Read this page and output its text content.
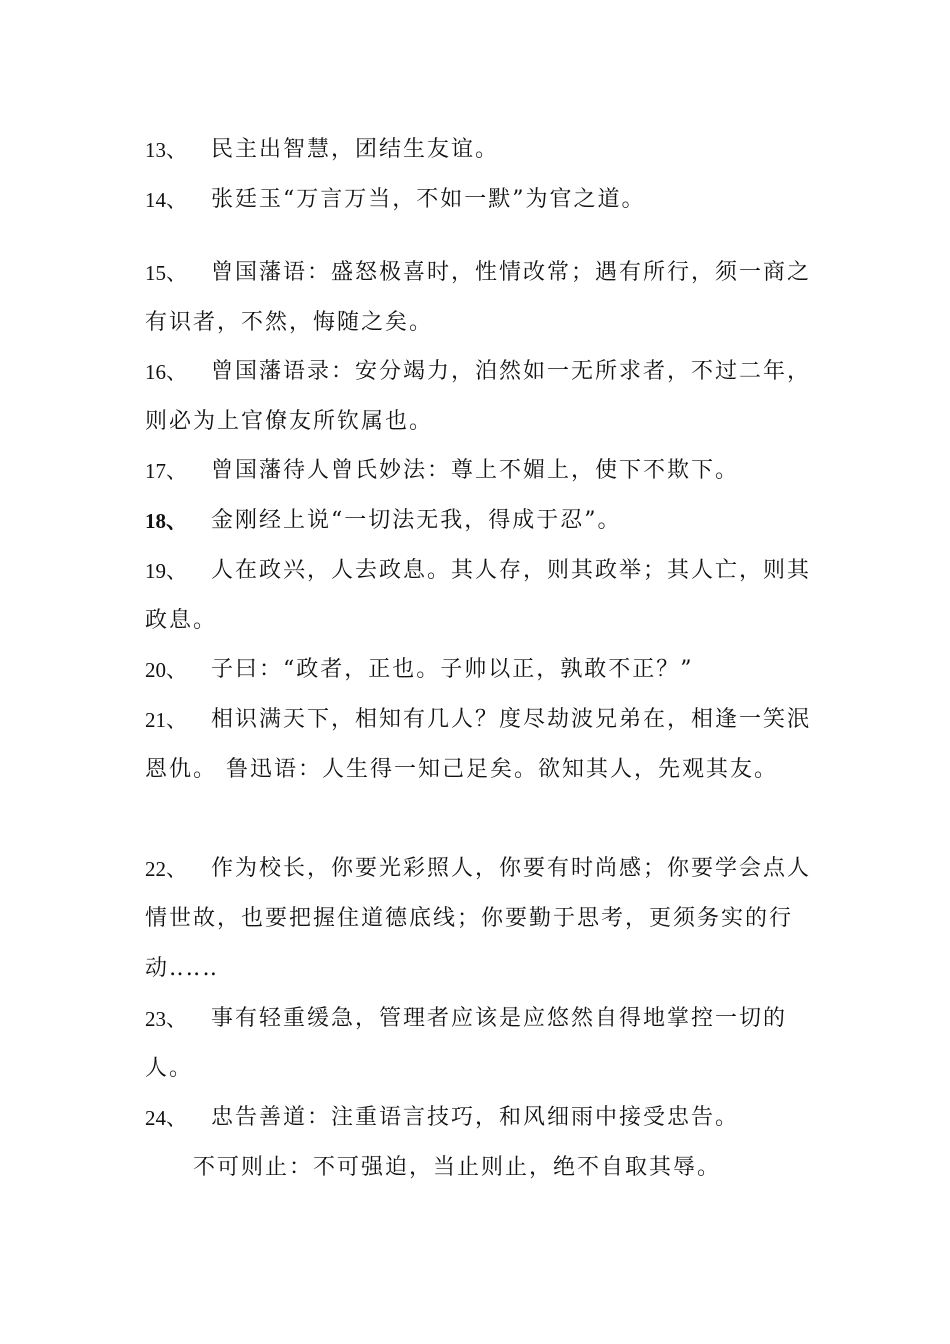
13、	民主出智慧，团结生友谊。
14、	张廷玉“万言万当，不如一默”为官之道。
15、	曾国藩语：盛怒极喜时，性情改常；遇有所行，须一商之有识者，不然，悔随之矣。
16、	曾国藩语录：安分竭力，泊然如一无所求者，不过二年，则必为上官僚友所钦属也。
17、	曾国藩待人曾氏妙法：尊上不媚上，使下不欺下。
18、	金刚经上说“一切法无我，得成于忍”。
19、	人在政兴，人去政息。其人存，则其政举；其人亡，则其政息。
20、	子曰：“政者，正也。子帅以正，孰敢不正？”
21、	相识满天下，相知有几人？度尽劫波兄弟在，相逢一笑泯恩仇。 鲁迅语：人生得一知己足矣。欲知其人，先观其友。
22、	作为校长，你要光彩照人，你要有时尚感；你要学会点人情世故，也要把握住道德底线；你要勤于思考，更须务实的行动‥‥‥
23、	事有轻重缓急，管理者应该是应悠然自得地掌控一切的人。
24、	忠告善道：注重语言技巧，和风细雨中接受忠告。
不可则止：不可强迫，当止则止，绝不自取其辱。
